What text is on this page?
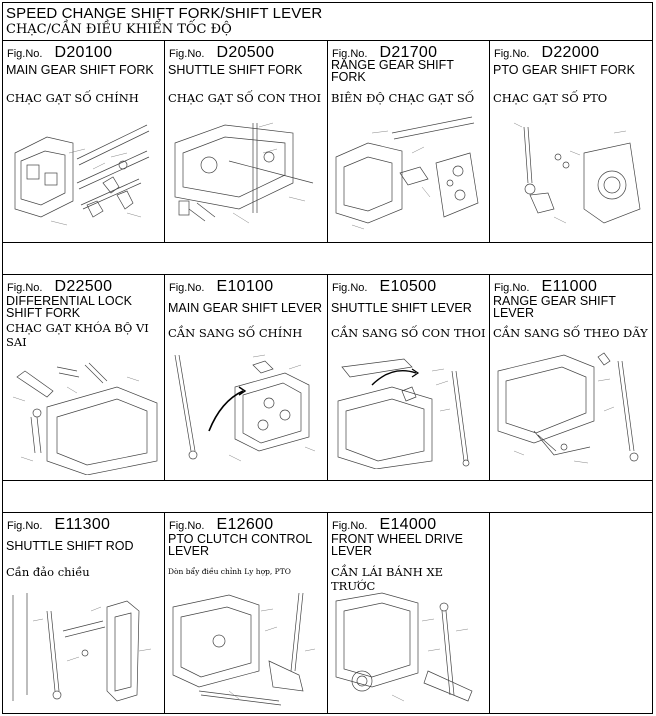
SPEED CHANGE SHIFT FORK/SHIFT LEVER
CHẠC/CẦN ĐIỀU KHIỂN TỐC ĐỘ
Fig.No. D20100
MAIN GEAR SHIFT FORK
CHẠC GẠT SỐ CHÍNH
Fig.No. D20500
SHUTTLE SHIFT FORK
CHẠC GẠT SỐ CON THOI
Fig.No. D21700
RANGE GEAR SHIFT FORK
BIÊN ĐỘ CHẠC GẠT SỐ
Fig.No. D22000
PTO GEAR SHIFT FORK
CHẠC GẠT SỐ PTO
Fig.No. D22500
DIFFERENTIAL LOCK SHIFT FORK
CHẠC GẠT KHÓA BỘ VI SAI
Fig.No. E10100
MAIN GEAR SHIFT LEVER
CẦN SANG SỐ CHÍNH
Fig.No. E10500
SHUTTLE SHIFT LEVER
CẦN SANG SỐ CON THOI
Fig.No. E11000
RANGE GEAR SHIFT LEVER
CẦN SANG SỐ THEO DÃY
Fig.No. E11300
SHUTTLE SHIFT ROD
Cần đảo chiều
Fig.No. E12600
PTO CLUTCH CONTROL LEVER
Dòn bẩy điều chỉnh Ly hợp, PTO
Fig.No. E14000
FRONT WHEEL DRIVE LEVER
CẦN LÁI BÁNH XE TRƯỚC
